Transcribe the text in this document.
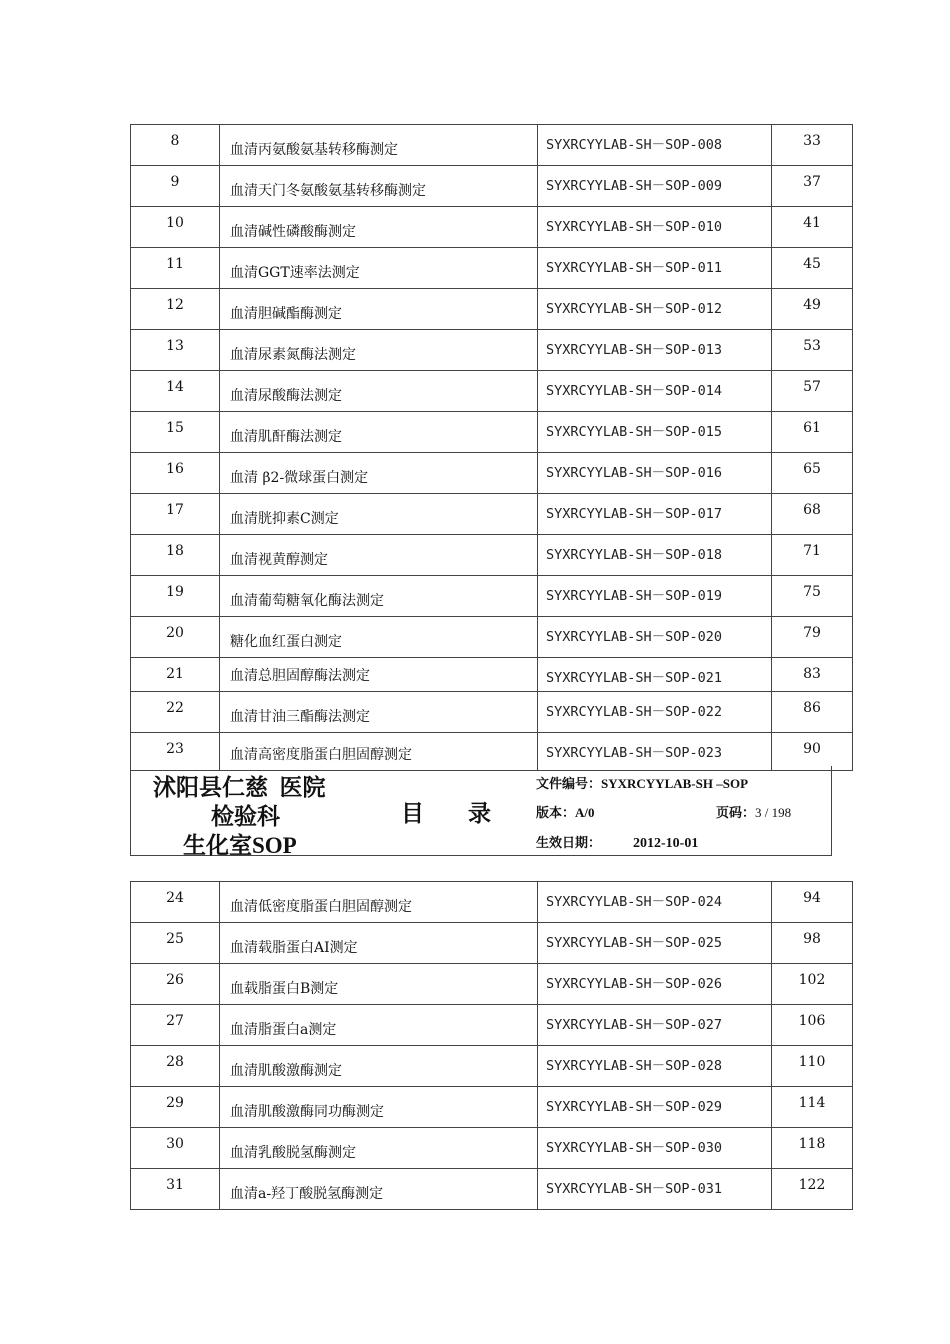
8	血清丙氨酸氨基转移酶测定	SYXRCYYLAB-SH－SOP-008	33

9	血清天门冬氨酸氨基转移酶测定	SYXRCYYLAB-SH－SOP-009	37

10	血清碱性磷酸酶测定	SYXRCYYLAB-SH－SOP-010	41

11	血清GGT速率法测定	SYXRCYYLAB-SH－SOP-011	45

12	血清胆碱酯酶测定	SYXRCYYLAB-SH－SOP-012	49

13	血清尿素氮酶法测定	SYXRCYYLAB-SH－SOP-013	53

14	血清尿酸酶法测定	SYXRCYYLAB-SH－SOP-014	57

15	血清肌酐酶法测定	SYXRCYYLAB-SH－SOP-015	61

16	血清 β2-微球蛋白测定	SYXRCYYLAB-SH－SOP-016	65

17	血清胱抑素C测定	SYXRCYYLAB-SH－SOP-017	68

18	血清视黄醇测定	SYXRCYYLAB-SH－SOP-018	71

19	血清葡萄糖氧化酶法测定	SYXRCYYLAB-SH－SOP-019	75

20	糖化血红蛋白测定	SYXRCYYLAB-SH－SOP-020	79

21	血清总胆固醇酶法测定	SYXRCYYLAB-SH－SOP-021	83

22	血清甘油三酯酶法测定	SYXRCYYLAB-SH－SOP-022	86

23	血清高密度脂蛋白胆固醇测定	SYXRCYYLAB-SH－SOP-023	90
沭阳县仁慈  医院
检验科
生化室SOP
目录
文件编号：SYXRCYYLAB-SH –SOP
版本：A/0	页码：3 / 198
生效日期： 2012-10-01
24	血清低密度脂蛋白胆固醇测定	SYXRCYYLAB-SH－SOP-024	94

25	血清载脂蛋白AI测定	SYXRCYYLAB-SH－SOP-025	98

26	血载脂蛋白B测定	SYXRCYYLAB-SH－SOP-026	102

27	血清脂蛋白a测定	SYXRCYYLAB-SH－SOP-027	106

28	血清肌酸激酶测定	SYXRCYYLAB-SH－SOP-028	110

29	血清肌酸激酶同功酶测定	SYXRCYYLAB-SH－SOP-029	114

30	血清乳酸脱氢酶测定	SYXRCYYLAB-SH－SOP-030	118

31	血清a-羟丁酸脱氢酶测定	SYXRCYYLAB-SH－SOP-031	122
